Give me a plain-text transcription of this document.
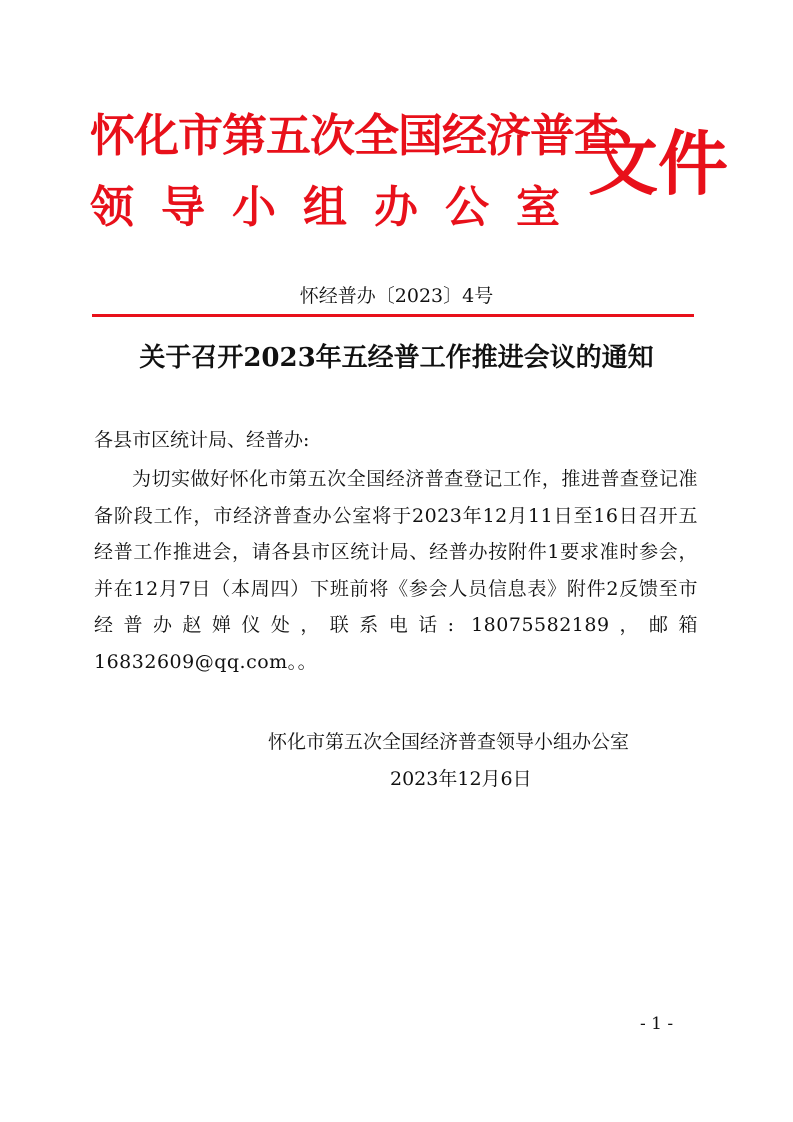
怀化市第五次全国经济普查
领导小组办公室
文件
怀经普办〔2023〕4号
关于召开2023年五经普工作推进会议的通知
各县市区统计局、经普办:
为切实做好怀化市第五次全国经济普查登记工作，推进普查登记准备阶段工作，市经济普查办公室将于2023年12月11日至16日召开五经普工作推进会，请各县市区统计局、经普办按附件1要求准时参会，并在12月7日（本周四）下班前将《参会人员信息表》附件2反馈至市经普办赵婵仪处，联系电话: 18075582189，邮箱 16832609@qq.com。。
怀化市第五次全国经济普查领导小组办公室
2023年12月6日
- 1 -
